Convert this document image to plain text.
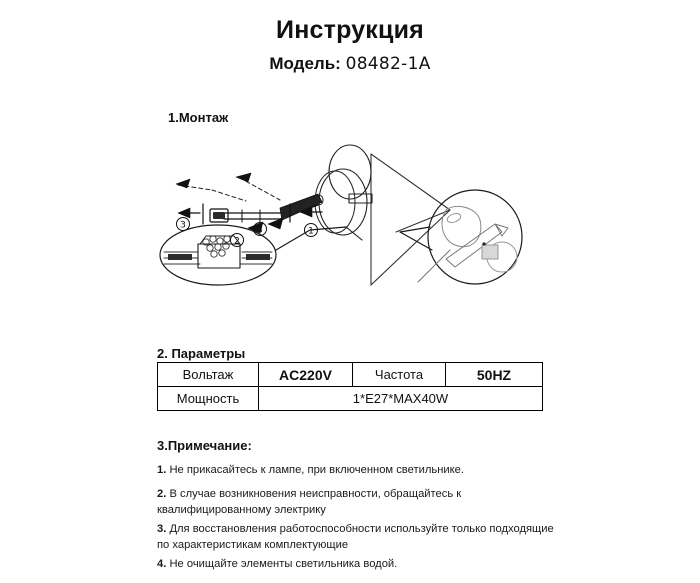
Инструкция
Модель: 08482-1A
1.Монтаж
3
3
2
1
2. Параметры
Вольтаж	AC220V	Частота	50HZ
Мощность	1*E27*MAX40W		
3.Примечание:
1. Не прикасайтесь к лампе, при включенном светильнике.
2. В случае возникновения неисправности, обращайтесь к квалифицированному электрику
3. Для восстановления работоспособности используйте только подходящие по характеристикам комплектующие
4. Не очищайте элементы светильника водой.
